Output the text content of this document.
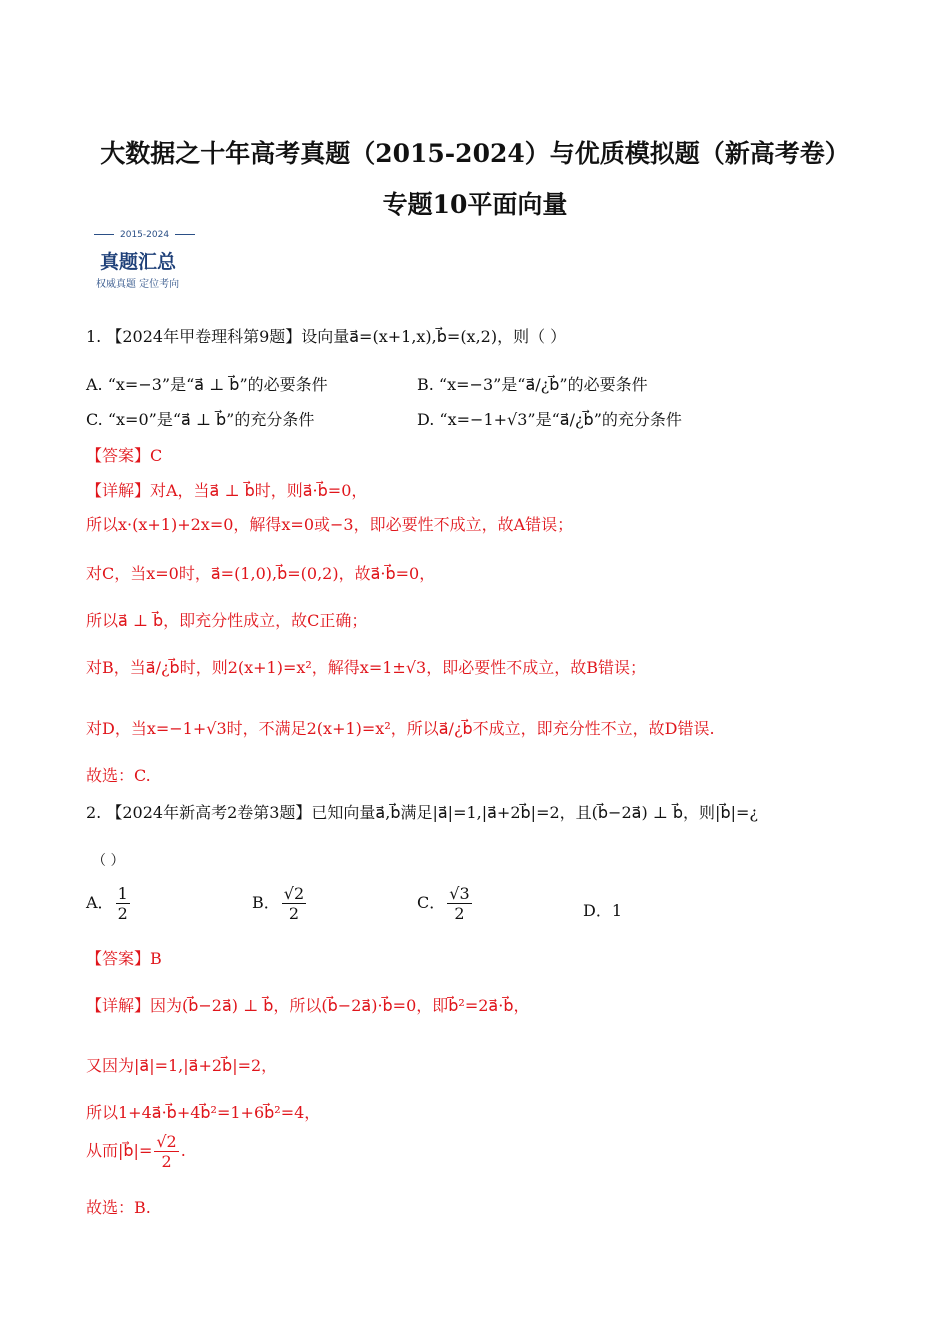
大数据之十年高考真题（2015-2024）与优质模拟题（新高考卷）
专题10平面向量
2015-2024
真题汇总
权威真题 定位考向
1. 【2024年甲卷理科第9题】设向量a⃗=(x+1,x),b⃗=(x,2)，则（ ）
A. “x=−3”是“a⃗ ⊥ b⃗”的必要条件	B. “x=−3”是“a⃗/¿b⃗”的必要条件
C. “x=0”是“a⃗ ⊥ b⃗”的充分条件	D. “x=−1+√3”是“a⃗/¿b⃗”的充分条件
【答案】C
【详解】对A，当a⃗ ⊥ b⃗时，则a⃗·b⃗=0，
所以x·(x+1)+2x=0，解得x=0或−3，即必要性不成立，故A错误；
对C，当x=0时，a⃗=(1,0),b⃗=(0,2)，故a⃗·b⃗=0，
所以a⃗ ⊥ b⃗，即充分性成立，故C正确；
对B，当a⃗/¿b⃗时，则2(x+1)=x²，解得x=1±√3，即必要性不成立，故B错误；
对D，当x=−1+√3时，不满足2(x+1)=x²，所以a⃗/¿b⃗不成立，即充分性不立，故D错误.
故选：C.
2. 【2024年新高考2卷第3题】已知向量a⃗,b⃗满足|a⃗|=1,|a⃗+2b⃗|=2，且(b⃗−2a⃗) ⊥ b⃗，则|b⃗|=¿
（ ）
A． $\frac{1}{2}$	B． $\frac{√2}{2}$	C． $\frac{√3}{2}$	D．1
【答案】B
【详解】因为(b⃗−2a⃗) ⊥ b⃗，所以(b⃗−2a⃗)·b⃗=0，即b⃗²=2a⃗·b⃗，
又因为|a⃗|=1,|a⃗+2b⃗|=2，
所以1+4a⃗·b⃗+4b⃗²=1+6b⃗²=4，
从而|b⃗|= $\frac{√2}{2}$ .
故选：B.
